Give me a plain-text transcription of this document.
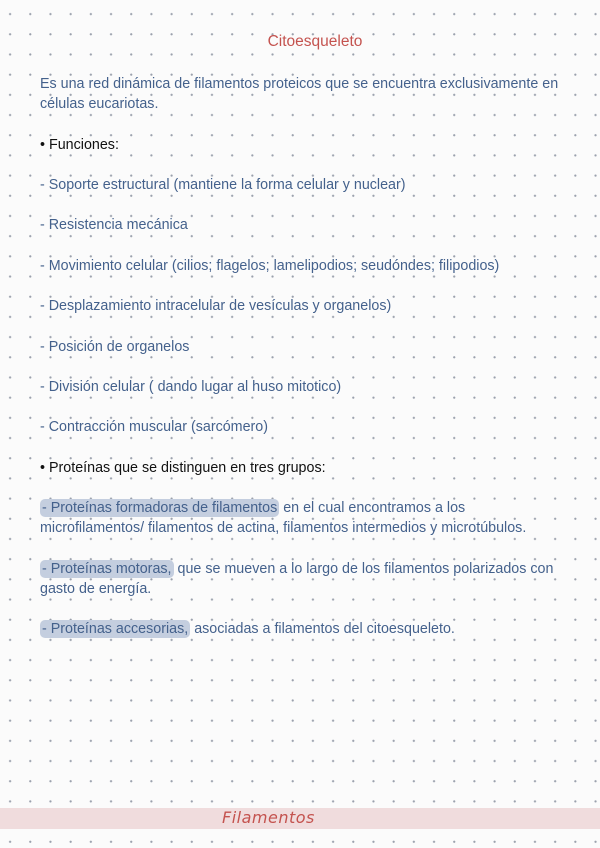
Citoesqueleto

Es una red dinámica de filamentos proteicos que se encuentra exclusivamente en células eucariotas.

• Funciones:

- Soporte estructural (mantiene la forma celular y nuclear)

- Resistencia mecánica

- Movimiento celular (cilios; flagelos; lamelipodios; seudóndes; filipodios)

- Desplazamiento intracelular de vesículas y organelos)

- Posición de organelos

- División celular ( dando lugar al huso mitotico)

- Contracción muscular (sarcómero)

• Proteínas que se distinguen en tres grupos:

- Proteínas formadoras de filamentos en el cual encontramos a los microfilamentos/ filamentos de actina, filamentos intermedios y microtúbulos.

- Proteínas motoras, que se mueven a lo largo de los filamentos polarizados con gasto de energía.

- Proteínas accesorias, asociadas a filamentos del citoesqueleto.

Filamentos
